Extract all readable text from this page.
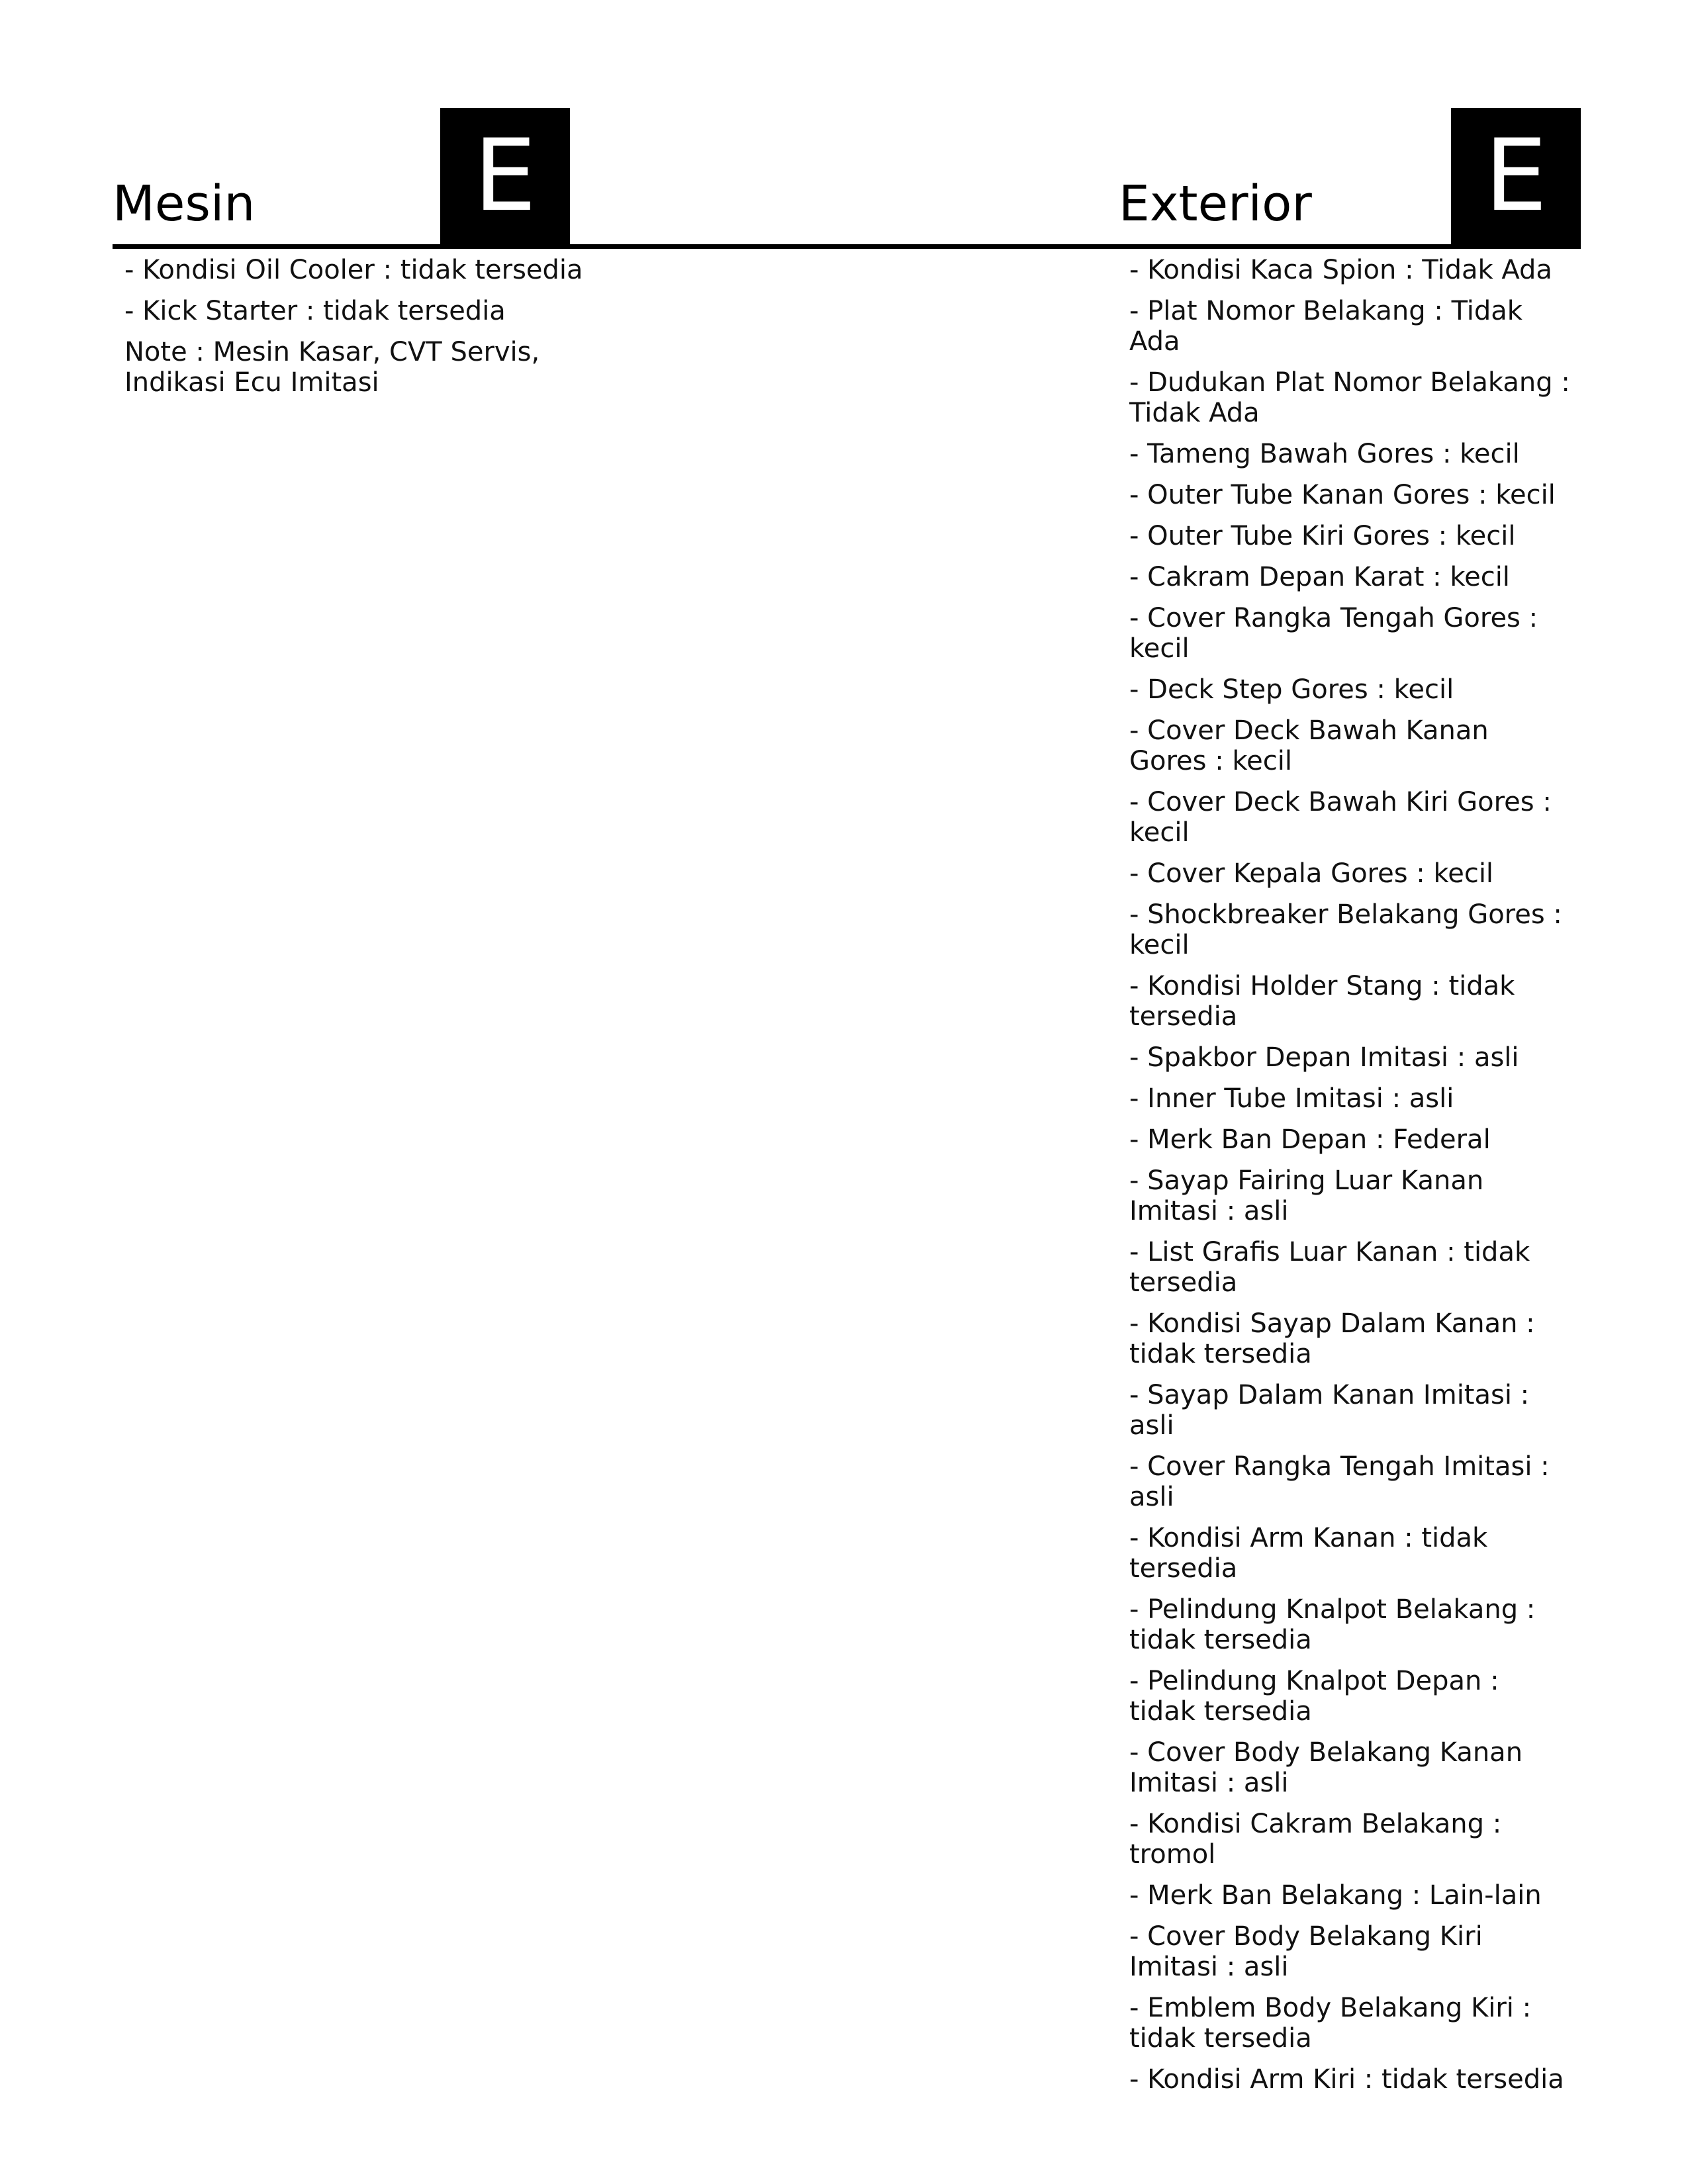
E	E
Mesin	Exterior
- Kondisi Oil Cooler : tidak tersedia
- Kick Starter : tidak tersedia
Note : Mesin Kasar, CVT Servis, Indikasi Ecu Imitasi
- Kondisi Kaca Spion : Tidak Ada
- Plat Nomor Belakang : Tidak Ada
- Dudukan Plat Nomor Belakang : Tidak Ada
- Tameng Bawah Gores : kecil
- Outer Tube Kanan Gores : kecil
- Outer Tube Kiri Gores : kecil
- Cakram Depan Karat : kecil
- Cover Rangka Tengah Gores : kecil
- Deck Step Gores : kecil
- Cover Deck Bawah Kanan Gores : kecil
- Cover Deck Bawah Kiri Gores : kecil
- Cover Kepala Gores : kecil
- Shockbreaker Belakang Gores : kecil
- Kondisi Holder Stang : tidak tersedia
- Spakbor Depan Imitasi : asli
- Inner Tube Imitasi : asli
- Merk Ban Depan : Federal
- Sayap Fairing Luar Kanan Imitasi : asli
- List Grafis Luar Kanan : tidak tersedia
- Kondisi Sayap Dalam Kanan : tidak tersedia
- Sayap Dalam Kanan Imitasi : asli
- Cover Rangka Tengah Imitasi : asli
- Kondisi Arm Kanan : tidak tersedia
- Pelindung Knalpot Belakang : tidak tersedia
- Pelindung Knalpot Depan : tidak tersedia
- Cover Body Belakang Kanan Imitasi : asli
- Kondisi Cakram Belakang : tromol
- Merk Ban Belakang : Lain-lain
- Cover Body Belakang Kiri Imitasi : asli
- Emblem Body Belakang Kiri : tidak tersedia
- Kondisi Arm Kiri : tidak tersedia
